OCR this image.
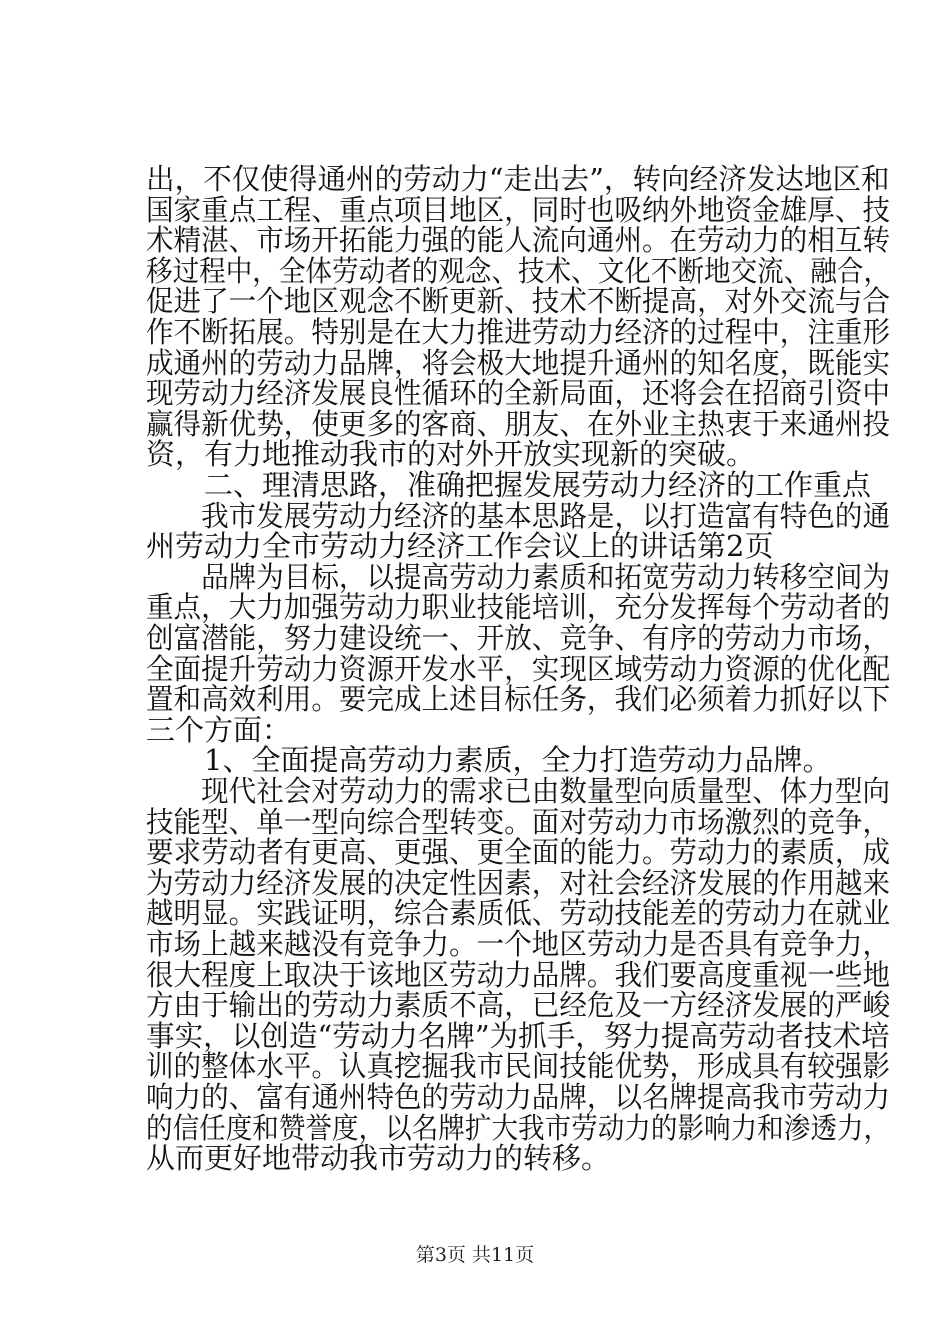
出，不仅使得通州的劳动力“走出去”，转向经济发达地区和
国家重点工程、重点项目地区，同时也吸纳外地资金雄厚、技
术精湛、市场开拓能力强的能人流向通州。在劳动力的相互转
移过程中，全体劳动者的观念、技术、文化不断地交流、融合，
促进了一个地区观念不断更新、技术不断提高，对外交流与合
作不断拓展。特别是在大力推进劳动力经济的过程中，注重形
成通州的劳动力品牌，将会极大地提升通州的知名度，既能实
现劳动力经济发展良性循环的全新局面，还将会在招商引资中
赢得新优势，使更多的客商、朋友、在外业主热衷于来通州投
资，有力地推动我市的对外开放实现新的突破。
　　二、理清思路，准确把握发展劳动力经济的工作重点
　　我市发展劳动力经济的基本思路是，以打造富有特色的通
州劳动力全市劳动力经济工作会议上的讲话第2页
　　品牌为目标，以提高劳动力素质和拓宽劳动力转移空间为
重点，大力加强劳动力职业技能培训，充分发挥每个劳动者的
创富潜能，努力建设统一、开放、竞争、有序的劳动力市场，
全面提升劳动力资源开发水平，实现区域劳动力资源的优化配
置和高效利用。要完成上述目标任务，我们必须着力抓好以下
三个方面：
　　1、全面提高劳动力素质，全力打造劳动力品牌。
　　现代社会对劳动力的需求已由数量型向质量型、体力型向
技能型、单一型向综合型转变。面对劳动力市场激烈的竞争，
要求劳动者有更高、更强、更全面的能力。劳动力的素质，成
为劳动力经济发展的决定性因素，对社会经济发展的作用越来
越明显。实践证明，综合素质低、劳动技能差的劳动力在就业
市场上越来越没有竞争力。一个地区劳动力是否具有竞争力，
很大程度上取决于该地区劳动力品牌。我们要高度重视一些地
方由于输出的劳动力素质不高，已经危及一方经济发展的严峻
事实，以创造“劳动力名牌”为抓手，努力提高劳动者技术培
训的整体水平。认真挖掘我市民间技能优势，形成具有较强影
响力的、富有通州特色的劳动力品牌，以名牌提高我市劳动力
的信任度和赞誉度，以名牌扩大我市劳动力的影响力和渗透力，
从而更好地带动我市劳动力的转移。
第3页 共11页
